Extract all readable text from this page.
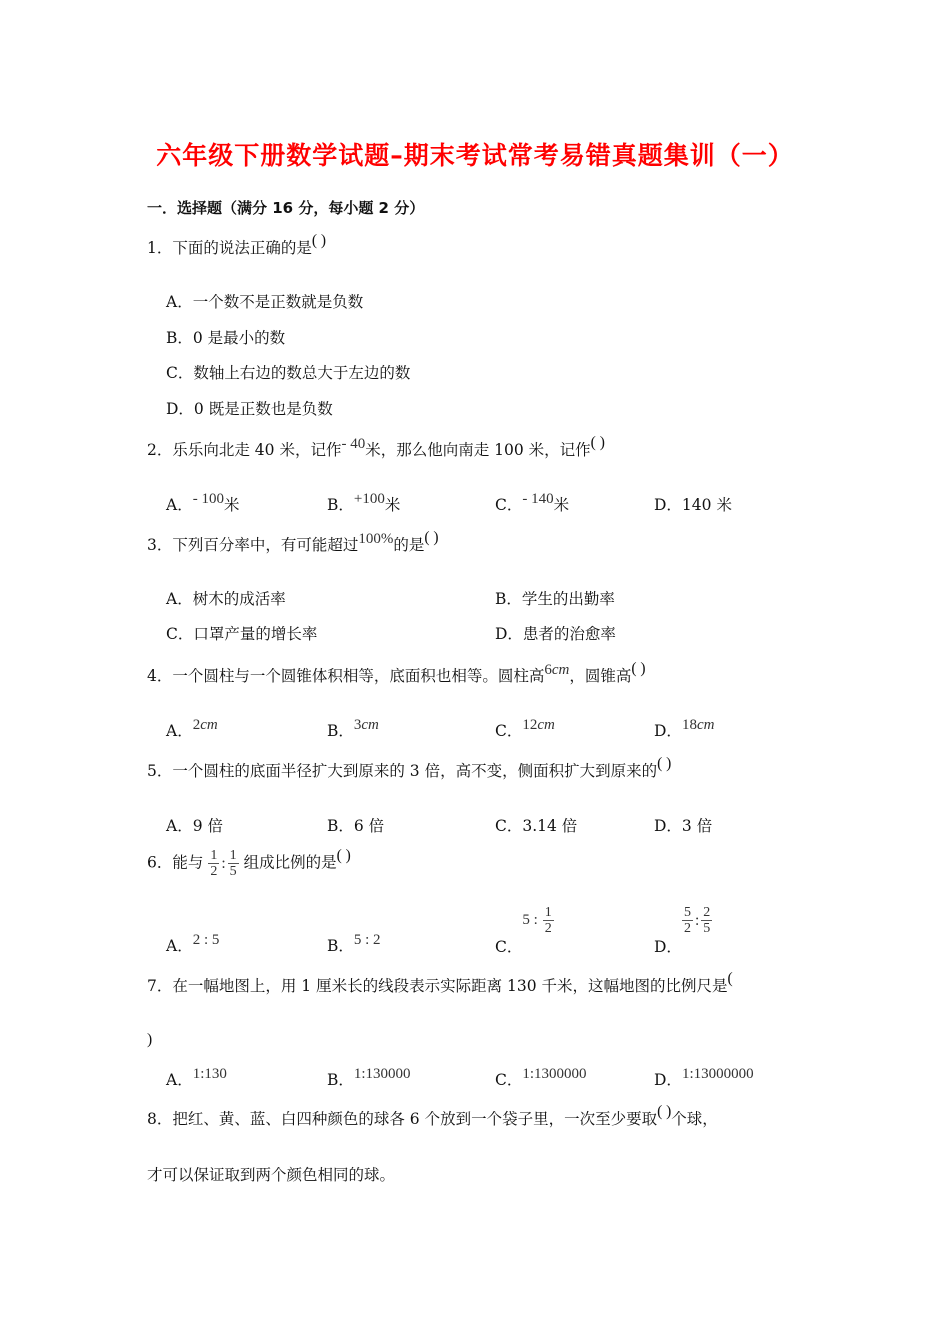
六年级下册数学试题–期末考试常考易错真题集训（一）
一．选择题（满分 16 分，每小题 2 分）
1．下面的说法正确的是( )
A．一个数不是正数就是负数
B．0 是最小的数
C．数轴上右边的数总大于左边的数
D．0 既是正数也是负数
2．乐乐向北走 40 米，记作- 40米，那么他向南走 100 米，记作( )
A．- 100米	B．+100米	C．- 140米	D．140 米
3．下列百分率中，有可能超过100%的是( )
A．树木的成活率	B．学生的出勤率
C．口罩产量的增长率	D．患者的治愈率
4．一个圆柱与一个圆锥体积相等，底面积也相等。圆柱高6cm，圆锥高( )
A．2cm	B．3cm	C．12cm	D．18cm
5．一个圆柱的底面半径扩大到原来的 3 倍，高不变，侧面积扩大到原来的( )
A．9 倍	B．6 倍	C．3.14 倍	D．3 倍
6．能与 $\frac{1}{2}$ : $\frac{1}{5}$ 组成比例的是( )
A．2 : 5	B．5 : 2	C．5 : $\frac{1}{2}$
D．
$\frac{5}{2}$ : $\frac{2}{5}$
7．在一幅地图上，用 1 厘米长的线段表示实际距离 130 千米，这幅地图的比例尺是(
)
A．1:130	B．1:130000	C．1:1300000	D．1:13000000
8．把红、黄、蓝、白四种颜色的球各 6 个放到一个袋子里，一次至少要取( )个球，
才可以保证取到两个颜色相同的球。
